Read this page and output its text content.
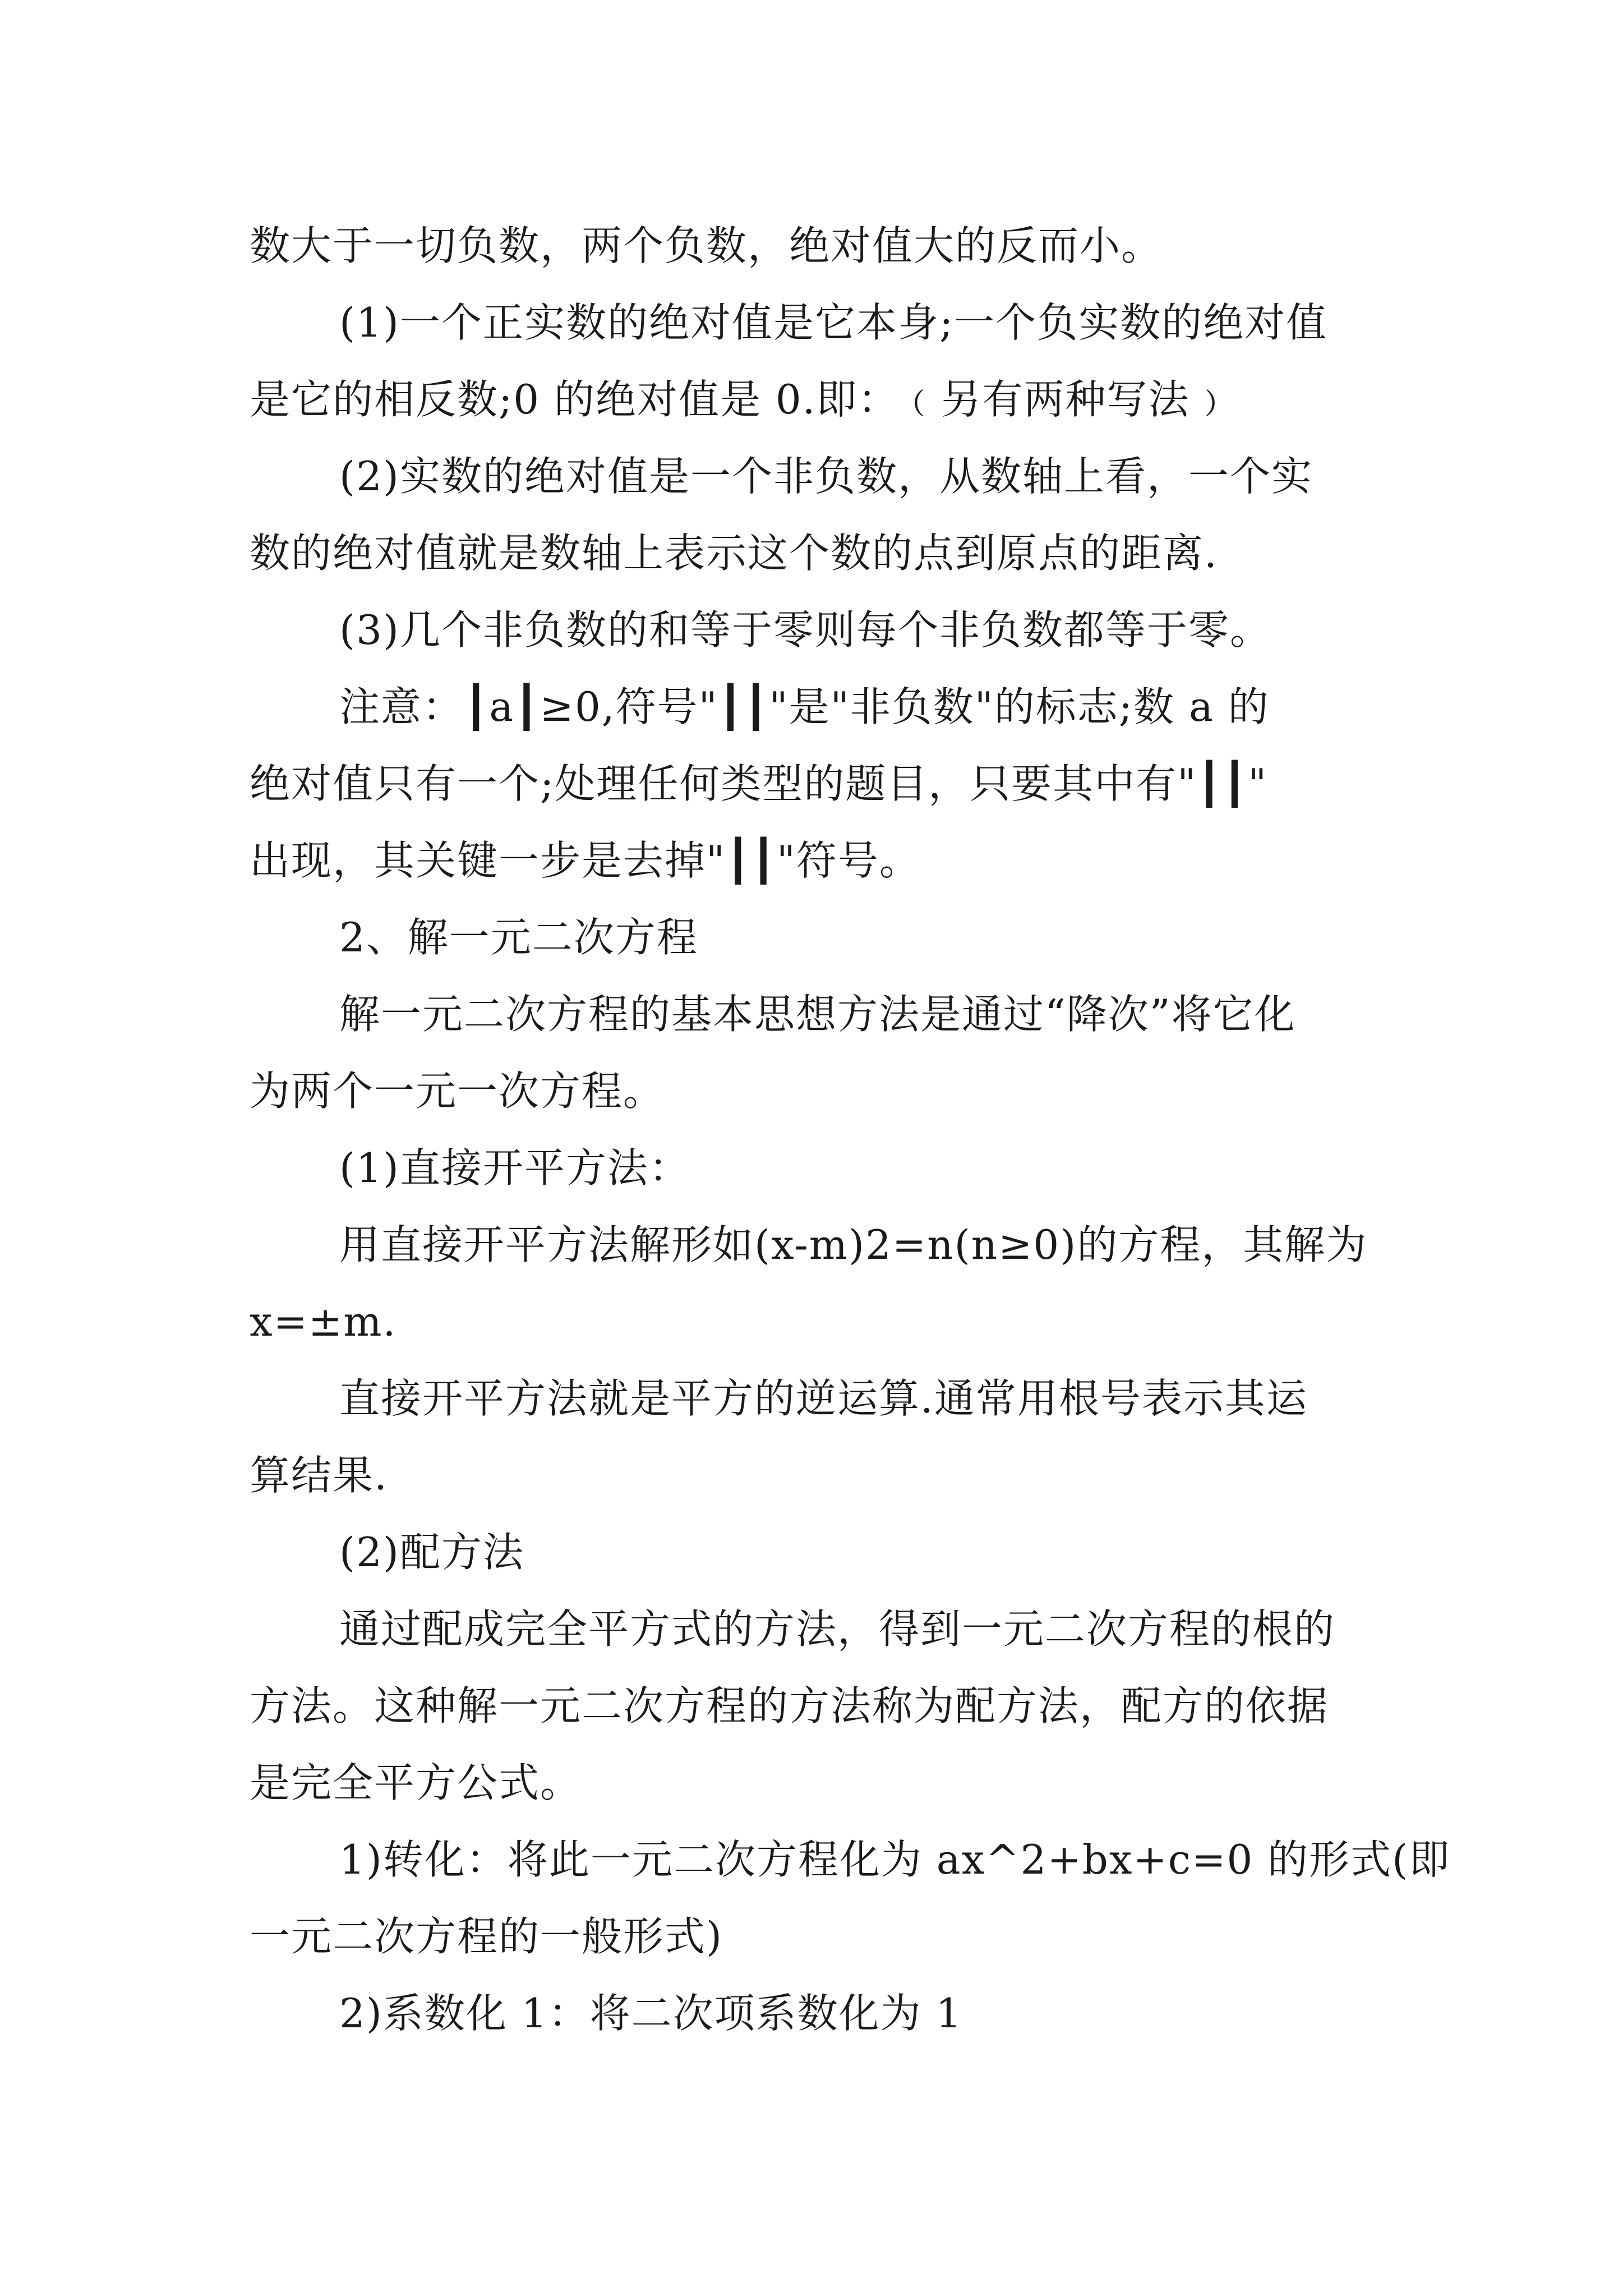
数大于一切负数，两个负数，绝对值大的反而小。
(1)一个正实数的绝对值是它本身;一个负实数的绝对值
是它的相反数;0 的绝对值是 0.即：﹙另有两种写法﹚
(2)实数的绝对值是一个非负数，从数轴上看，一个实
数的绝对值就是数轴上表示这个数的点到原点的距离.
(3)几个非负数的和等于零则每个非负数都等于零。
注意：┃a┃≥0,符号"┃┃"是"非负数"的标志;数 a 的
绝对值只有一个;处理任何类型的题目，只要其中有"┃┃"
出现，其关键一步是去掉"┃┃"符号。
2、解一元二次方程
解一元二次方程的基本思想方法是通过“降次”将它化
为两个一元一次方程。
(1)直接开平方法：
用直接开平方法解形如(x-m)2=n(n≥0)的方程，其解为
x=±m.
直接开平方法就是平方的逆运算.通常用根号表示其运
算结果.
(2)配方法
通过配成完全平方式的方法，得到一元二次方程的根的
方法。这种解一元二次方程的方法称为配方法，配方的依据
是完全平方公式。
1)转化：将此一元二次方程化为 ax^2+bx+c=0 的形式(即
一元二次方程的一般形式)
2)系数化 1：将二次项系数化为 1
